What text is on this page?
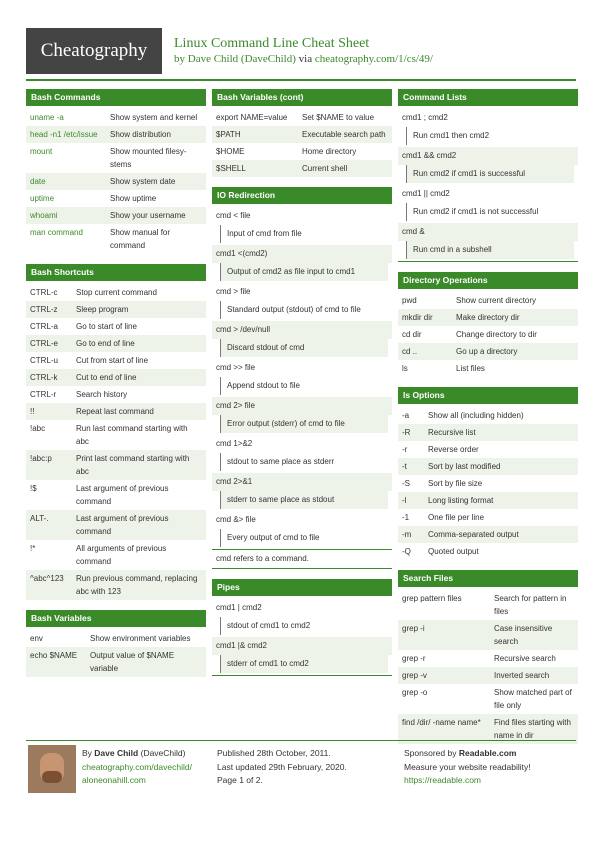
Cheatography	Linux Command Line Cheat Sheet
by Dave Child (DaveChild) via cheatography.com/1/cs/49/
Bash Commands
uname -a	Show system and kernel
head -n1 /etc/issue	Show distribution
mount	Show mounted filesystems
date	Show system date
uptime	Show uptime
whoami	Show your username
man command	Show manual for command
Bash Shortcuts
CTRL-c	Stop current command
CTRL-z	Sleep program
CTRL-a	Go to start of line
CTRL-e	Go to end of line
CTRL-u	Cut from start of line
CTRL-k	Cut to end of line
CTRL-r	Search history
!!	Repeat last command
!abc	Run last command starting with abc
!abc:p	Print last command starting with abc
!$	Last argument of previous command
ALT-.	Last argument of previous command
!*	All arguments of previous command
^abc^123	Run previous command, replacing abc with 123
Bash Variables
env	Show environment variables
echo $NAME	Output value of $NAME variable
Bash Variables (cont)
export NAME=value	Set $NAME to value
$PATH	Executable search path
$HOME	Home directory
$SHELL	Current shell
IO Redirection
cmd < file
Input of cmd from file
cmd1 <(cmd2)
Output of cmd2 as file input to cmd1
cmd > file
Standard output (stdout) of cmd to file
cmd > /dev/null
Discard stdout of cmd
cmd >> file
Append stdout to file
cmd 2> file
Error output (stderr) of cmd to file
cmd 1>&2
stdout to same place as stderr
cmd 2>&1
stderr to same place as stdout
cmd &> file
Every output of cmd to file
cmd refers to a command.
Pipes
cmd1 | cmd2
stdout of cmd1 to cmd2
cmd1 |& cmd2
stderr of cmd1 to cmd2
Command Lists
cmd1 ; cmd2
Run cmd1 then cmd2
cmd1 && cmd2
Run cmd2 if cmd1 is successful
cmd1 || cmd2
Run cmd2 if cmd1 is not successful
cmd &
Run cmd in a subshell
Directory Operations
pwd	Show current directory
mkdir dir	Make directory dir
cd dir	Change directory to dir
cd ..	Go up a directory
ls	List files
ls Options
-a	Show all (including hidden)
-R	Recursive list
-r	Reverse order
-t	Sort by last modified
-S	Sort by file size
-l	Long listing format
-1	One file per line
-m	Comma-separated output
-Q	Quoted output
Search Files
grep pattern files	Search for pattern in files
grep -i	Case insensitive search
grep -r	Recursive search
grep -v	Inverted search
grep -o	Show matched part of file only
find /dir/ -name name*	Find files starting with name in dir
By Dave Child (DaveChild)
cheatography.com/davechild/
aloneonahill.com
Published 28th October, 2011.
Last updated 29th February, 2020.
Page 1 of 2.
Sponsored by Readable.com
Measure your website readability!
https://readable.com
